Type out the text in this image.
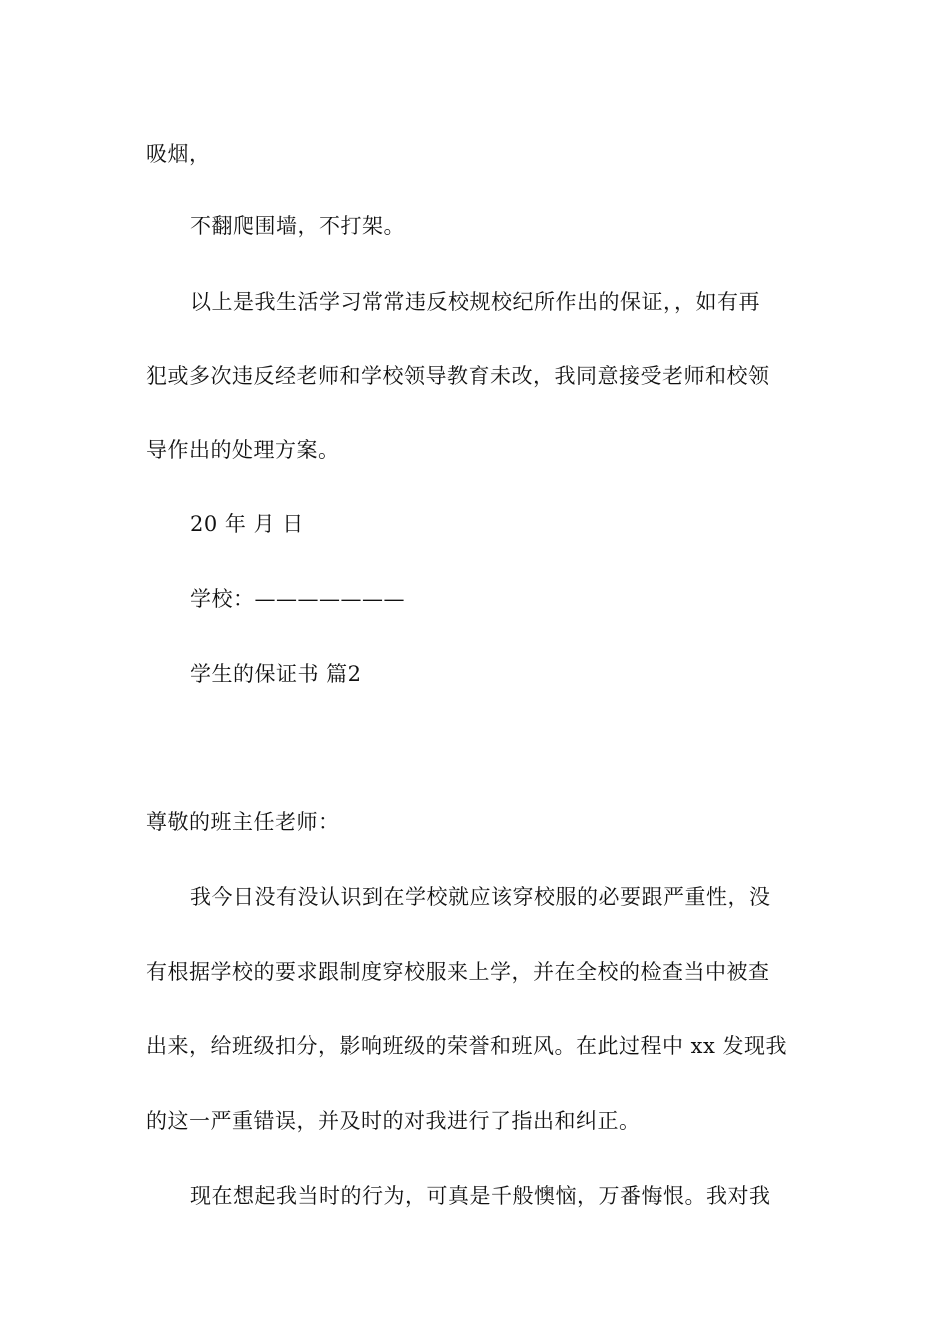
吸烟，
不翻爬围墙，不打架。
以上是我生活学习常常违反校规校纪所作出的保证，，如有再
犯或多次违反经老师和学校领导教育未改，我同意接受老师和校领
导作出的处理方案。
20 年 月 日
学校：———————
学生的保证书 篇2
尊敬的班主任老师：
我今日没有没认识到在学校就应该穿校服的必要跟严重性，没
有根据学校的要求跟制度穿校服来上学，并在全校的检查当中被查
出来，给班级扣分，影响班级的荣誉和班风。在此过程中 xx 发现我
的这一严重错误，并及时的对我进行了指出和纠正。
现在想起我当时的行为，可真是千般懊恼，万番悔恨。我对我
